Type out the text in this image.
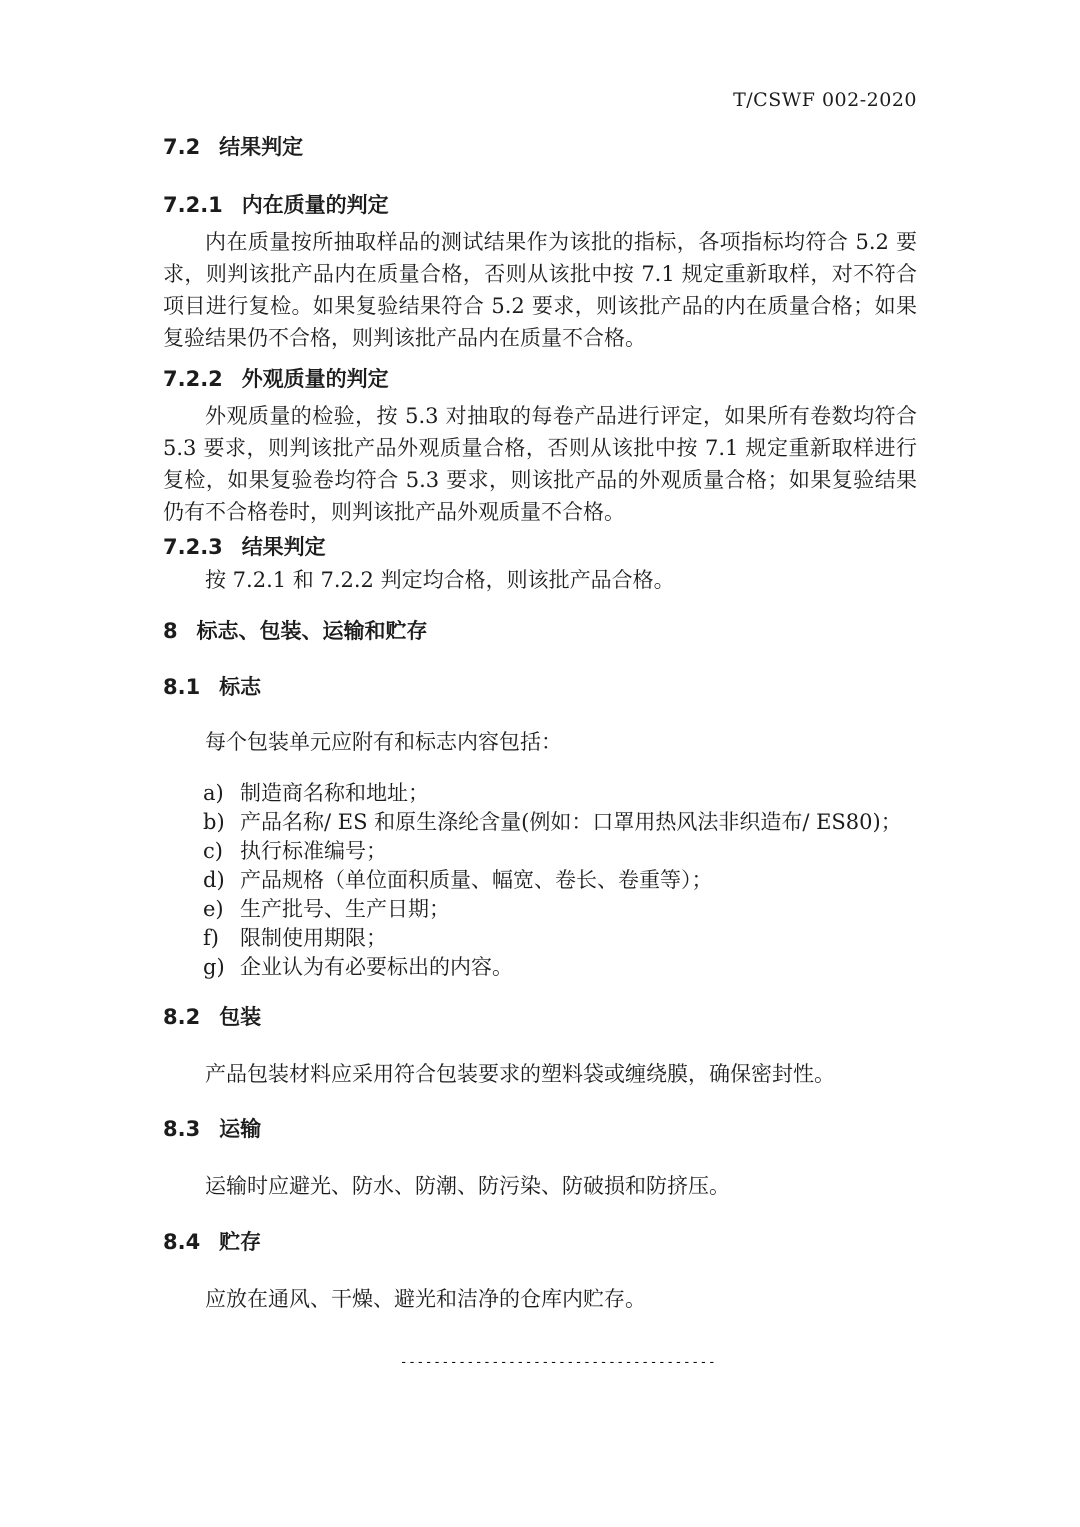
T/CSWF 002-2020
7.2 结果判定
7.2.1 内在质量的判定

内在质量按所抽取样品的测试结果作为该批的指标，各项指标均符合 5.2 要求，则判该批产品内在质量合格，否则从该批中按 7.1 规定重新取样，对不符合项目进行复检。如果复验结果符合 5.2 要求，则该批产品的内在质量合格；如果复验结果仍不合格，则判该批产品内在质量不合格。

7.2.2 外观质量的判定

外观质量的检验，按 5.3 对抽取的每卷产品进行评定，如果所有卷数均符合 5.3 要求，则判该批产品外观质量合格，否则从该批中按 7.1 规定重新取样进行复检，如果复验卷均符合 5.3 要求，则该批产品的外观质量合格；如果复验结果仍有不合格卷时，则判该批产品外观质量不合格。

7.2.3 结果判定

按 7.2.1 和 7.2.2 判定均合格，则该批产品合格。

8 标志、包装、运输和贮存
8.1 标志

每个包装单元应附有和标志内容包括：

a) 制造商名称和地址；
b) 产品名称/ ES 和原生涤纶含量(例如：口罩用热风法非织造布/ ES80)；
c) 执行标准编号；
d) 产品规格（单位面积质量、幅宽、卷长、卷重等）；
e) 生产批号、生产日期；
f) 限制使用期限；
g) 企业认为有必要标出的内容。
8.2 包装

产品包装材料应采用符合包装要求的塑料袋或缠绕膜，确保密封性。

8.3 运输

运输时应避光、防水、防潮、防污染、防破损和防挤压。

8.4 贮存

应放在通风、干燥、避光和洁净的仓库内贮存。

--------------------------------------
